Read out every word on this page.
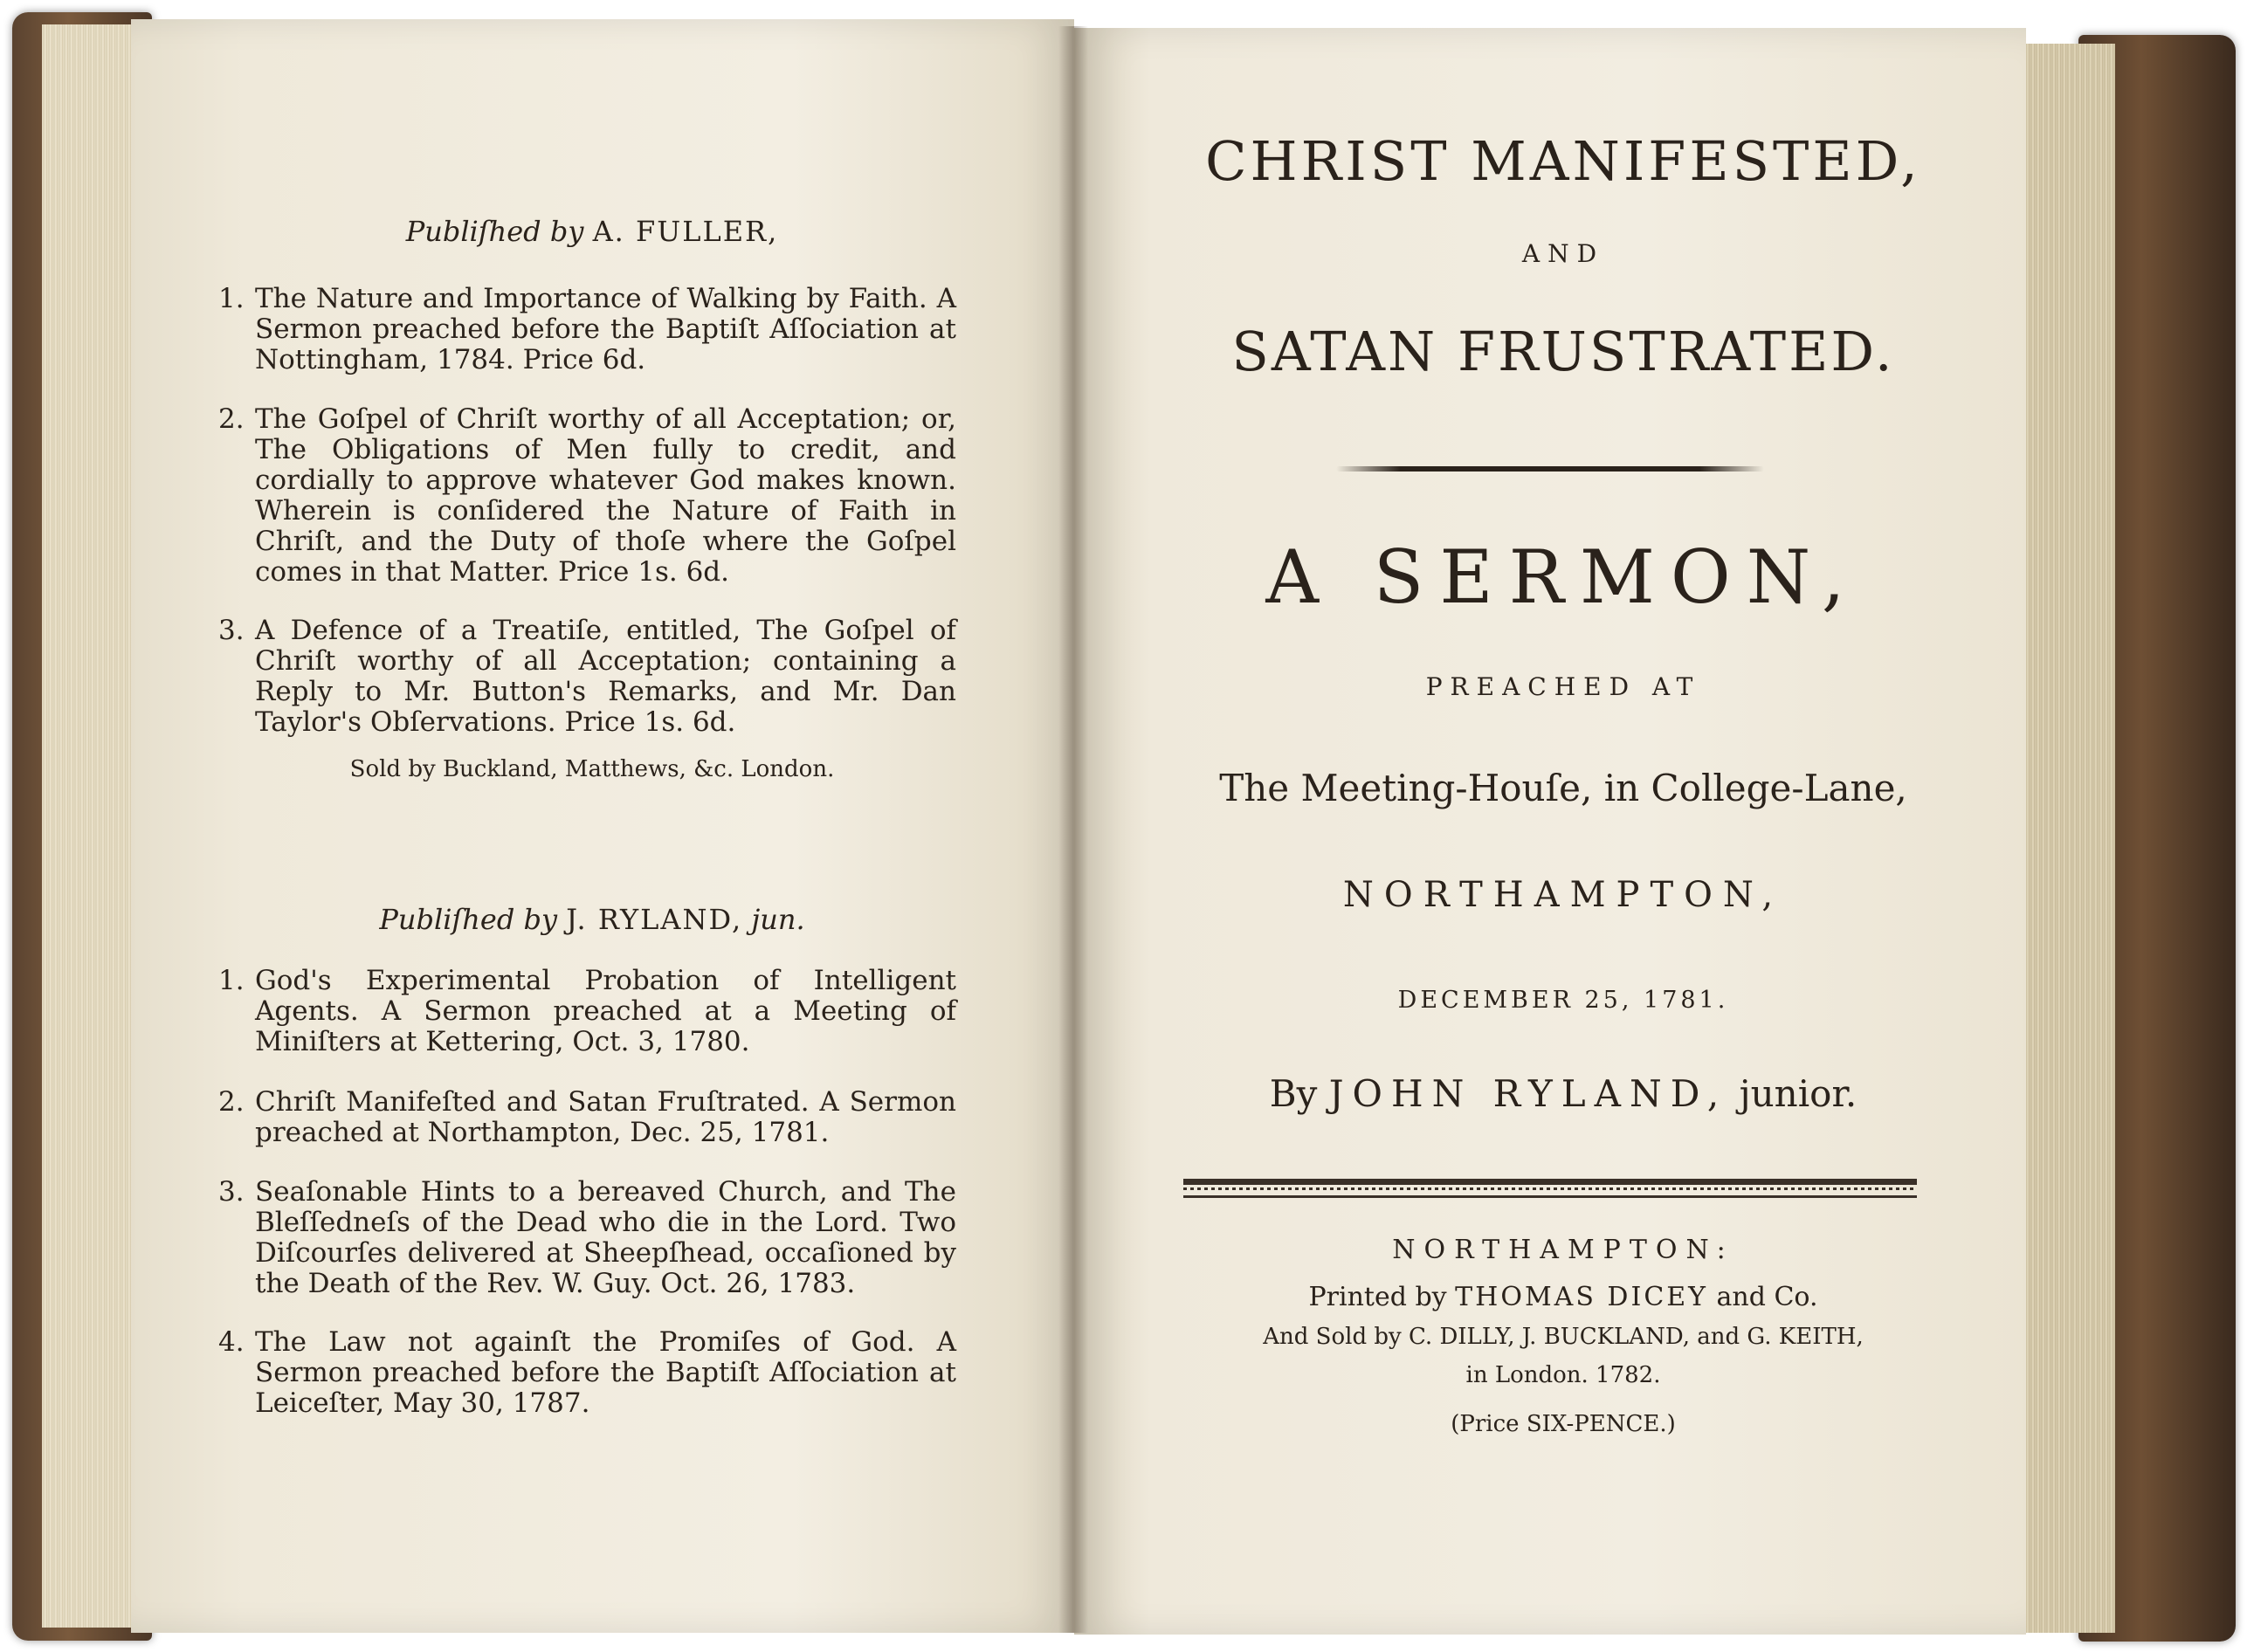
Publiſhed by A. FULLER,
1. The Nature and Importance of Walking by Faith. A Sermon preached before the Baptiſt Aſſociation at Nottingham, 1784. Price 6d.
2. The Goſpel of Chriſt worthy of all Acceptation; or, The Obligations of Men fully to credit, and cordially to approve whatever God makes known. Wherein is conſidered the Nature of Faith in Chriſt, and the Duty of thoſe where the Goſpel comes in that Matter. Price 1s. 6d.
3. A Defence of a Treatiſe, entitled, The Goſpel of Chriſt worthy of all Acceptation; containing a Reply to Mr. Button's Remarks, and Mr. Dan Taylor's Obſervations. Price 1s. 6d.
Sold by Buckland, Matthews, &c. London.
Publiſhed by J. RYLAND, jun.
1. God's Experimental Probation of Intelligent Agents. A Sermon preached at a Meeting of Miniſters at Kettering, Oct. 3, 1780.
2. Chriſt Manifeſted and Satan Fruſtrated. A Sermon preached at Northampton, Dec. 25, 1781.
3. Seaſonable Hints to a bereaved Church, and The Bleſſedneſs of the Dead who die in the Lord. Two Diſcourſes delivered at Sheepſhead, occaſioned by the Death of the Rev. W. Guy. Oct. 26, 1783.
4. The Law not againſt the Promiſes of God. A Sermon preached before the Baptiſt Aſſociation at Leiceſter, May 30, 1787.
CHRIST MANIFESTED,
AND
SATAN FRUSTRATED.
A SERMON,
PREACHED AT
The Meeting-Houſe, in College-Lane,
NORTHAMPTON,
DECEMBER 25, 1781.
By JOHN RYLAND, junior.
NORTHAMPTON:
Printed by THOMAS DICEY and Co.
And Sold by C. DILLY, J. BUCKLAND, and G. KEITH,
in London. 1782.
(Price SIX-PENCE.)
